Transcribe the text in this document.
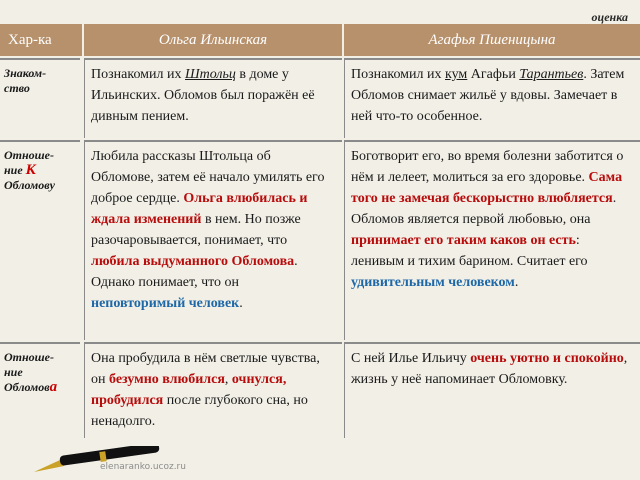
оценка
Хар-ка	Ольга Ильинская	Агафья Пшеницына
Знаком-
ство
Познакомил их Штольц в доме у Ильинских. Обломов был поражён её дивным пением.
Познакомил их кум Агафьи Тарантьев. Затем Обломов снимает жильё у вдовы. Замечает в ней что-то особенное.
Отноше-
ние К
Обломову
Любила рассказы Штольца об Обломове, затем её начало умилять его доброе сердце. Ольга влюбилась и ждала изменений в нем. Но позже разочаровывается, понимает, что любила выдуманного Обломова. Однако понимает, что он неповторимый человек.
Боготворит его, во время болезни заботится о нём и лелеет, молиться за его здоровье. Сама того не замечая бескорыстно влюбляется. Обломов является первой любовью, она принимает его таким каков он есть: ленивым и тихим барином. Считает его удивительным человеком.
Отноше-
ние
Обломова
Она пробудила в нём светлые чувства, он безумно влюбился, очнулся, пробудился после глубокого сна, но ненадолго.
С ней Илье Ильичу очень уютно и спокойно, жизнь у неё напоминает Обломовку.
elenaranko.ucoz.ru
